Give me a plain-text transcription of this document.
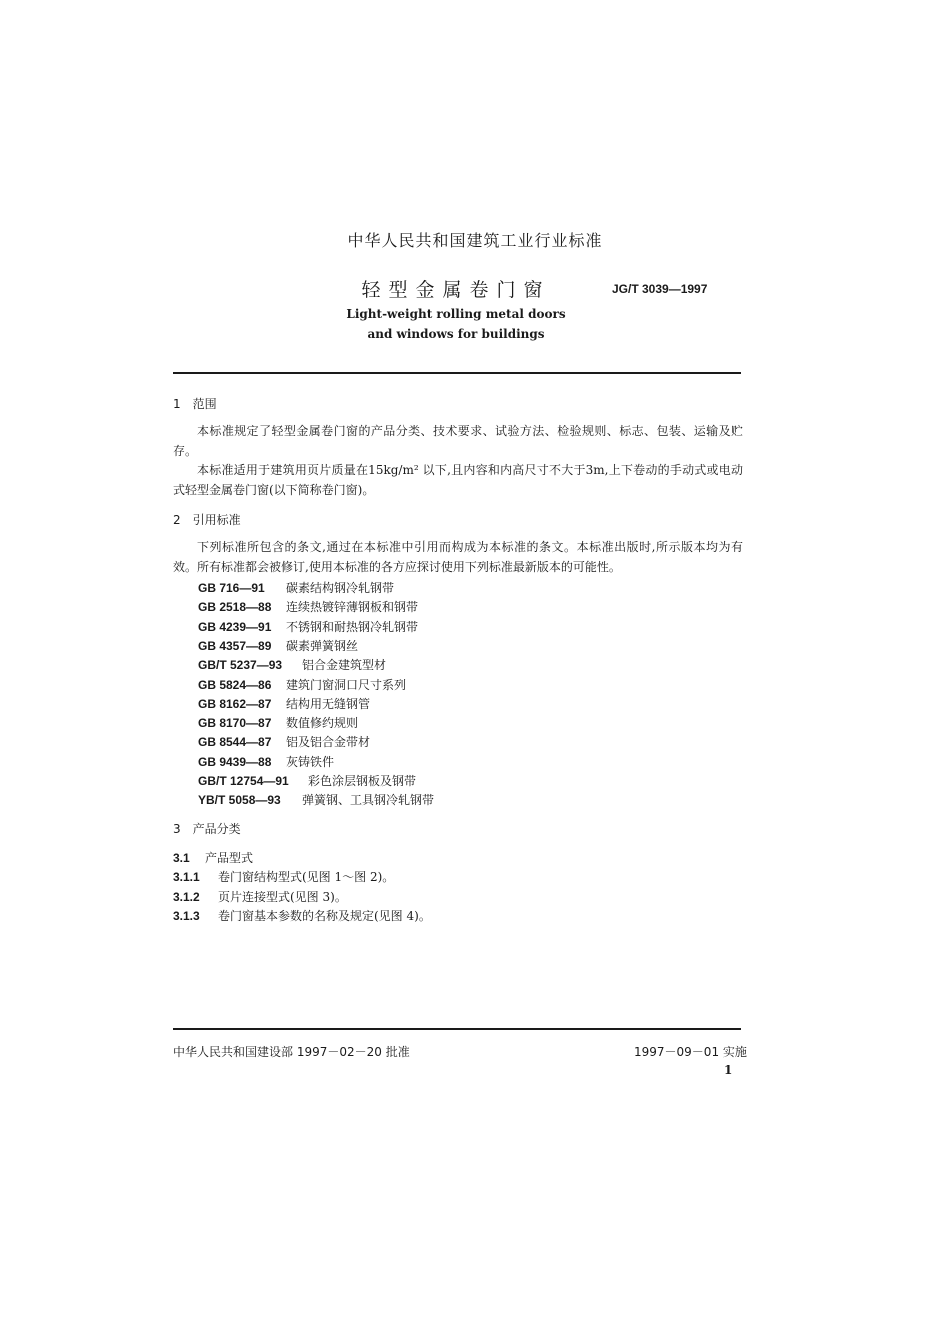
中华人民共和国建筑工业行业标准
轻型金属卷门窗	JG/T 3039—1997
Light-weight rolling metal doors
and windows for buildings
1　范围
本标准规定了轻型金属卷门窗的产品分类、技术要求、试验方法、检验规则、标志、包装、运输及贮存。
本标准适用于建筑用页片质量在15kg/m² 以下,且内容和内高尺寸不大于3m,上下卷动的手动式或电动式轻型金属卷门窗(以下简称卷门窗)。
2　引用标准
下列标准所包含的条文,通过在本标准中引用而构成为本标准的条文。本标准出版时,所示版本均为有效。所有标准都会被修订,使用本标准的各方应探讨使用下列标准最新版本的可能性。
GB 716—91 碳素结构钢冷轧钢带
GB 2518—88 连续热镀锌薄钢板和钢带
GB 4239—91 不锈钢和耐热钢冷轧钢带
GB 4357—89 碳素弹簧钢丝
GB/T 5237—93 铝合金建筑型材
GB 5824—86 建筑门窗洞口尺寸系列
GB 8162—87 结构用无缝钢管
GB 8170—87 数值修约规则
GB 8544—87 铝及铝合金带材
GB 9439—88 灰铸铁件
GB/T 12754—91 彩色涂层钢板及钢带
YB/T 5058—93 弹簧钢、工具钢冷轧钢带
3　产品分类
3.1 产品型式
3.1.1 卷门窗结构型式(见图 1～图 2)。
3.1.2 页片连接型式(见图 3)。
3.1.3 卷门窗基本参数的名称及规定(见图 4)。
中华人民共和国建设部 1997－02－20 批准	1997－09－01 实施
1
